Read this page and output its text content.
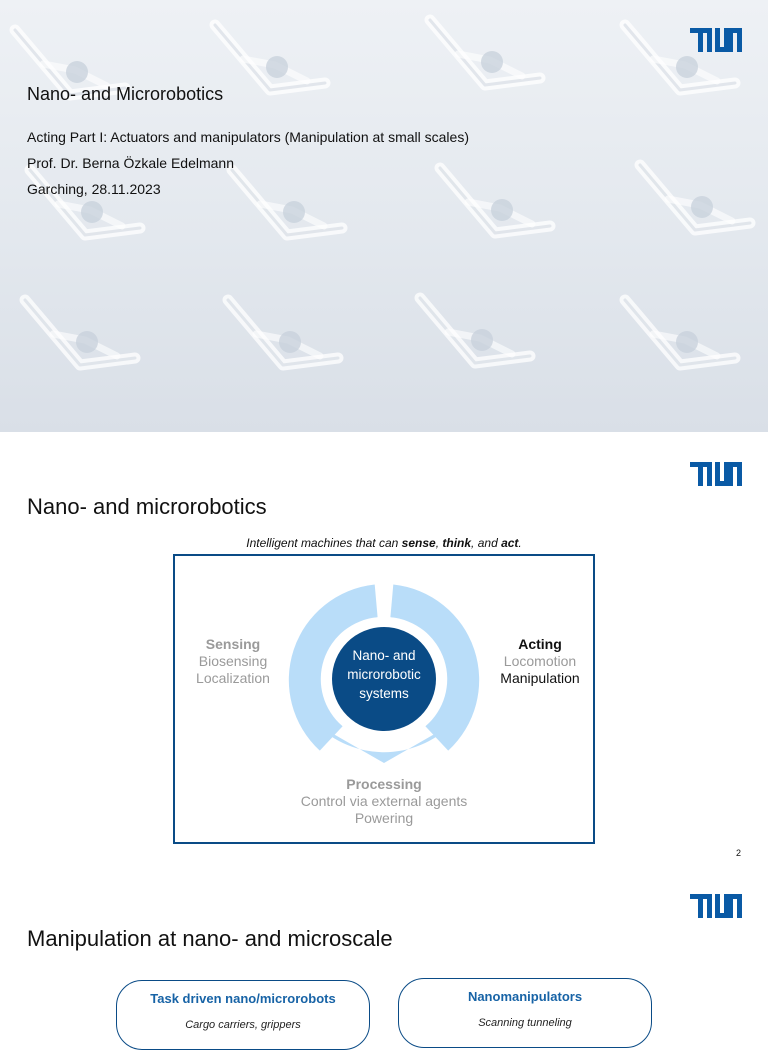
Nano- and Microrobotics
Acting Part I: Actuators and manipulators (Manipulation at small scales)
Prof. Dr. Berna Özkale Edelmann
Garching, 28.11.2023
Nano- and microrobotics
Intelligent machines that can sense, think, and act.
Nano- and
microrobotic
systems
Sensing
Biosensing
Localization
Acting
Locomotion
Manipulation
Processing
Control via external agents
Powering
2
Manipulation at nano- and microscale
Task driven nano/microrobots
Cargo carriers, grippers
Nanomanipulators
Scanning tunneling
